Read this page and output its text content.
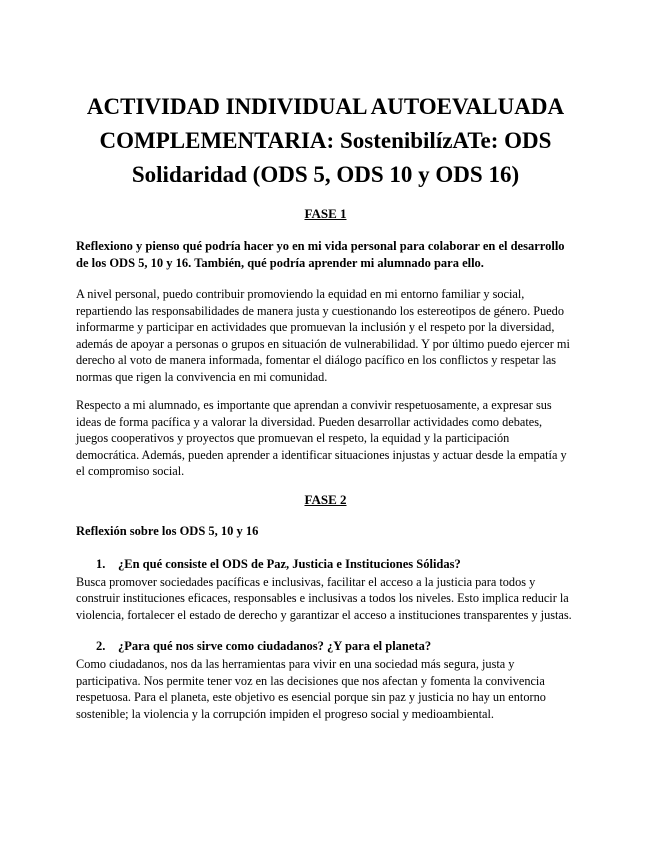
ACTIVIDAD INDIVIDUAL AUTOEVALUADA COMPLEMENTARIA: SostenibilízATe: ODS Solidaridad (ODS 5, ODS 10 y ODS 16)
FASE 1

Reflexiono y pienso qué podría hacer yo en mi vida personal para colaborar en el desarrollo de los ODS 5, 10 y 16. También, qué podría aprender mi alumnado para ello.

A nivel personal, puedo contribuir promoviendo la equidad en mi entorno familiar y social, repartiendo las responsabilidades de manera justa y cuestionando los estereotipos de género. Puedo informarme y participar en actividades que promuevan la inclusión y el respeto por la diversidad, además de apoyar a personas o grupos en situación de vulnerabilidad. Y por último puedo ejercer mi derecho al voto de manera informada, fomentar el diálogo pacífico en los conflictos y respetar las normas que rigen la convivencia en mi comunidad.

Respecto a mi alumnado, es importante que aprendan a convivir respetuosamente, a expresar sus ideas de forma pacífica y a valorar la diversidad. Pueden desarrollar actividades como debates, juegos cooperativos y proyectos que promuevan el respeto, la equidad y la participación democrática. Además, pueden aprender a identificar situaciones injustas y actuar desde la empatía y el compromiso social.

FASE 2
Reflexión sobre los ODS 5, 10 y 16
1.	¿En qué consiste el ODS de Paz, Justicia e Instituciones Sólidas?

Busca promover sociedades pacíficas e inclusivas, facilitar el acceso a la justicia para todos y construir instituciones eficaces, responsables e inclusivas a todos los niveles. Esto implica reducir la violencia, fortalecer el estado de derecho y garantizar el acceso a instituciones transparentes y justas.

2.	¿Para qué nos sirve como ciudadanos? ¿Y para el planeta?

Como ciudadanos, nos da las herramientas para vivir en una sociedad más segura, justa y participativa. Nos permite tener voz en las decisiones que nos afectan y fomenta la convivencia respetuosa. Para el planeta, este objetivo es esencial porque sin paz y justicia no hay un entorno sostenible; la violencia y la corrupción impiden el progreso social y medioambiental.
